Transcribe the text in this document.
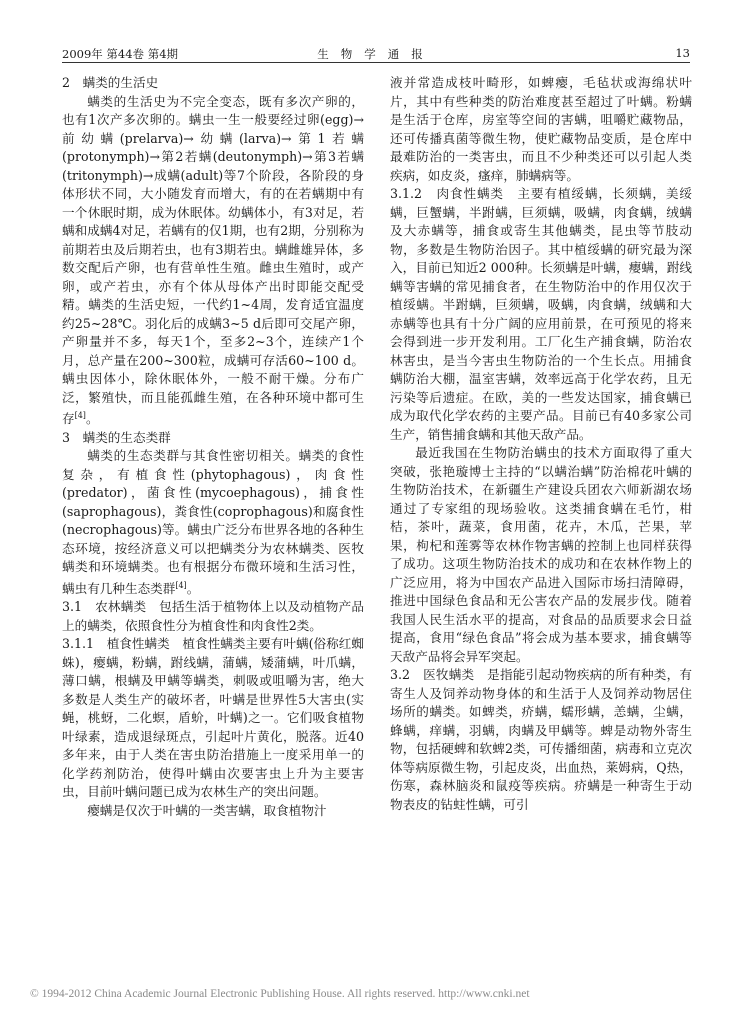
2009年 第44卷 第4期	生物学通报	13

2　螨类的生活史

螨类的生活史为不完全变态，既有多次产卵的，也有1次产多次卵的。螨虫一生一般要经过卵(egg)→前幼螨(prelarva)→幼螨(larva)→第1若螨(protonymph)→第2若螨(deutonymph)→第3若螨(tritonymph)→成螨(adult)等7个阶段，各阶段的身体形状不同，大小随发育而增大，有的在若螨期中有一个休眠时期，成为休眠体。幼螨体小，有3对足，若螨和成螨4对足，若螨有的仅1期，也有2期，分别称为前期若虫及后期若虫，也有3期若虫。螨雌雄异体，多数交配后产卵，也有营单性生殖。雌虫生殖时，或产卵，或产若虫，亦有个体从母体产出时即能交配受精。螨类的生活史短，一代约1~4周，发育适宜温度约25~28℃。羽化后的成螨3~5 d后即可交尾产卵，产卵量并不多，每天1个，至多2~3个，连续产1个月，总产量在200~300粒，成螨可存活60~100 d。螨虫因体小，除休眠体外，一般不耐干燥。分布广泛，繁殖快，而且能孤雌生殖，在各种环境中都可生存[4]。

3　螨类的生态类群

螨类的生态类群与其食性密切相关。螨类的食性复杂，有植食性(phytophagous)，肉食性(predator)，菌食性(mycoephagous)，捕食性(saprophagous)，粪食性(coprophagous)和腐食性(necrophagous)等。螨虫广泛分布世界各地的各种生态环境，按经济意义可以把螨类分为农林螨类、医牧螨类和环境螨类。也有根据分布微环境和生活习性，螨虫有几种生态类群[4]。

3.1　农林螨类　包括生活于植物体上以及动植物产品上的螨类，依照食性分为植食性和肉食性2类。

3.1.1　植食性螨类　植食性螨类主要有叶螨(俗称红蜘蛛)，瘿螨，粉螨，跗线螨，蒲螨，矮蒲螨，叶爪螨，薄口螨，根螨及甲螨等螨类，刺吸或咀嚼为害，绝大多数是人类生产的破坏者，叶螨是世界性5大害虫(实蝇，桃蚜，二化螟，盾蚧，叶螨)之一。它们吸食植物叶绿素，造成退绿斑点，引起叶片黄化，脱落。近40多年来，由于人类在害虫防治措施上一度采用单一的化学药剂防治，使得叶螨由次要害虫上升为主要害虫，目前叶螨问题已成为农林生产的突出问题。

瘿螨是仅次于叶螨的一类害螨，取食植物汁

液并常造成枝叶畸形，如蜱瘿，毛毡状或海绵状叶片，其中有些种类的防治难度甚至超过了叶螨。粉螨是生活于仓库，房室等空间的害螨，咀嚼贮藏物品，还可传播真菌等微生物，使贮藏物品变质，是仓库中最难防治的一类害虫，而且不少种类还可以引起人类疾病，如皮炎，瘙痒，肺螨病等。

3.1.2　肉食性螨类　主要有植绥螨，长须螨，美绥螨，巨蟹螨，半跗螨，巨须螨，吸螨，肉食螨，绒螨及大赤螨等，捕食或寄生其他螨类，昆虫等节肢动物，多数是生物防治因子。其中植绥螨的研究最为深入，目前已知近2 000种。长须螨是叶螨，瘿螨，跗线螨等害螨的常见捕食者，在生物防治中的作用仅次于植绥螨。半跗螨，巨须螨，吸螨，肉食螨，绒螨和大赤螨等也具有十分广阔的应用前景，在可预见的将来会得到进一步开发利用。工厂化生产捕食螨，防治农林害虫，是当今害虫生物防治的一个生长点。用捕食螨防治大棚，温室害螨，效率远高于化学农药，且无污染等后遗症。在欧，美的一些发达国家，捕食螨已成为取代化学农药的主要产品。目前已有40多家公司生产，销售捕食螨和其他天敌产品。

最近我国在生物防治螨虫的技术方面取得了重大突破，张艳璇博士主持的“以螨治螨”防治棉花叶螨的生物防治技术，在新疆生产建设兵团农六师新湖农场通过了专家组的现场验收。这类捕食螨在毛竹，柑桔，茶叶，蔬菜，食用菌，花卉，木瓜，芒果，苹果，枸杞和莲雾等农林作物害螨的控制上也同样获得了成功。这项生物防治技术的成功和在农林作物上的广泛应用，将为中国农产品进入国际市场扫清障碍，推进中国绿色食品和无公害农产品的发展步伐。随着我国人民生活水平的提高，对食品的品质要求会日益提高，食用“绿色食品”将会成为基本要求，捕食螨等天敌产品将会异军突起。

3.2　医牧螨类　是指能引起动物疾病的所有种类，有寄生人及饲养动物身体的和生活于人及饲养动物居住场所的螨类。如蜱类，疥螨，蠕形螨，恙螨，尘螨，蜂螨，痒螨，羽螨，肉螨及甲螨等。蜱是动物外寄生物，包括硬蜱和软蜱2类，可传播细菌，病毒和立克次体等病原微生物，引起皮炎，出血热，莱姆病，Q热，伤寒，森林脑炎和鼠疫等疾病。疥螨是一种寄生于动物表皮的钻蛀性螨，可引

© 1994-2012 China Academic Journal Electronic Publishing House. All rights reserved. http://www.cnki.net
